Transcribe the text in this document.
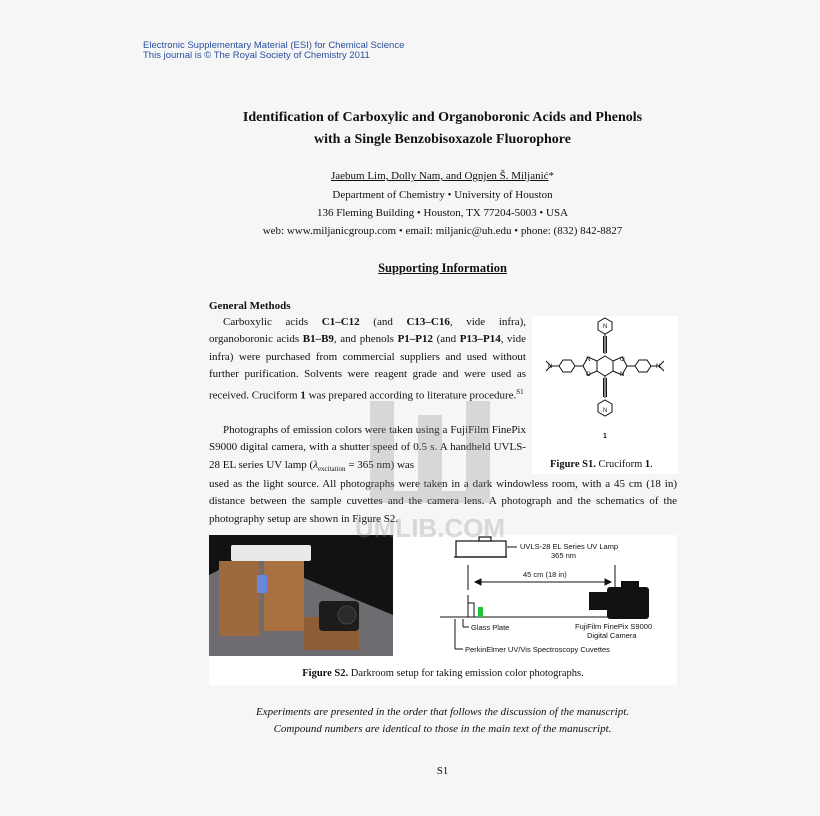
Electronic Supplementary Material (ESI) for Chemical Science
This journal is © The Royal Society of Chemistry 2011
Identification of Carboxylic and Organoboronic Acids and Phenols
with a Single Benzobisoxazole Fluorophore
Jaebum Lim, Dolly Nam, and Ognjen Š. Miljanić*
Department of Chemistry • University of Houston
136 Fleming Building • Houston, TX 77204-5003 • USA
web: www.miljanicgroup.com • email: miljanic@uh.edu • phone: (832) 842-8827
Supporting Information
General Methods
Carboxylic acids C1–C12 (and C13–C16, vide infra), organoboronic acids B1–B9, and phenols P1–P12 (and P13–P14, vide infra) were purchased from commercial suppliers and used without further purification. Solvents were reagent grade and were used as received. Cruciform 1 was prepared according to literature procedure.$^{S1}$
Photographs of emission colors were taken using a FujiFilm FinePix S9000 digital camera, with a shutter speed of 0.5 s. A handheld UVLS-28 EL series UV lamp ($\lambda_{excitation} = 365$ nm) was
used as the light source. All photographs were taken in a dark windowless room, with a 45 cm (18 in) distance between the sample cuvettes and the camera lens. A photograph and the schematics of the photography setup are shown in Figure S2.
N
N
O
N
N
O
N
N
1
Figure S1. Cruciform 1.
UVLS-28 EL Series UV Lamp
365 nm
45 cm (18 in)
Glass Plate	FujiFilm FinePix S9000
Digital Camera
PerkinElmer UV/Vis Spectroscopy Cuvettes
Figure S2. Darkroom setup for taking emission color photographs.
UMLIB.COM
Experiments are presented in the order that follows the discussion of the manuscript.
Compound numbers are identical to those in the main text of the manuscript.
S1
